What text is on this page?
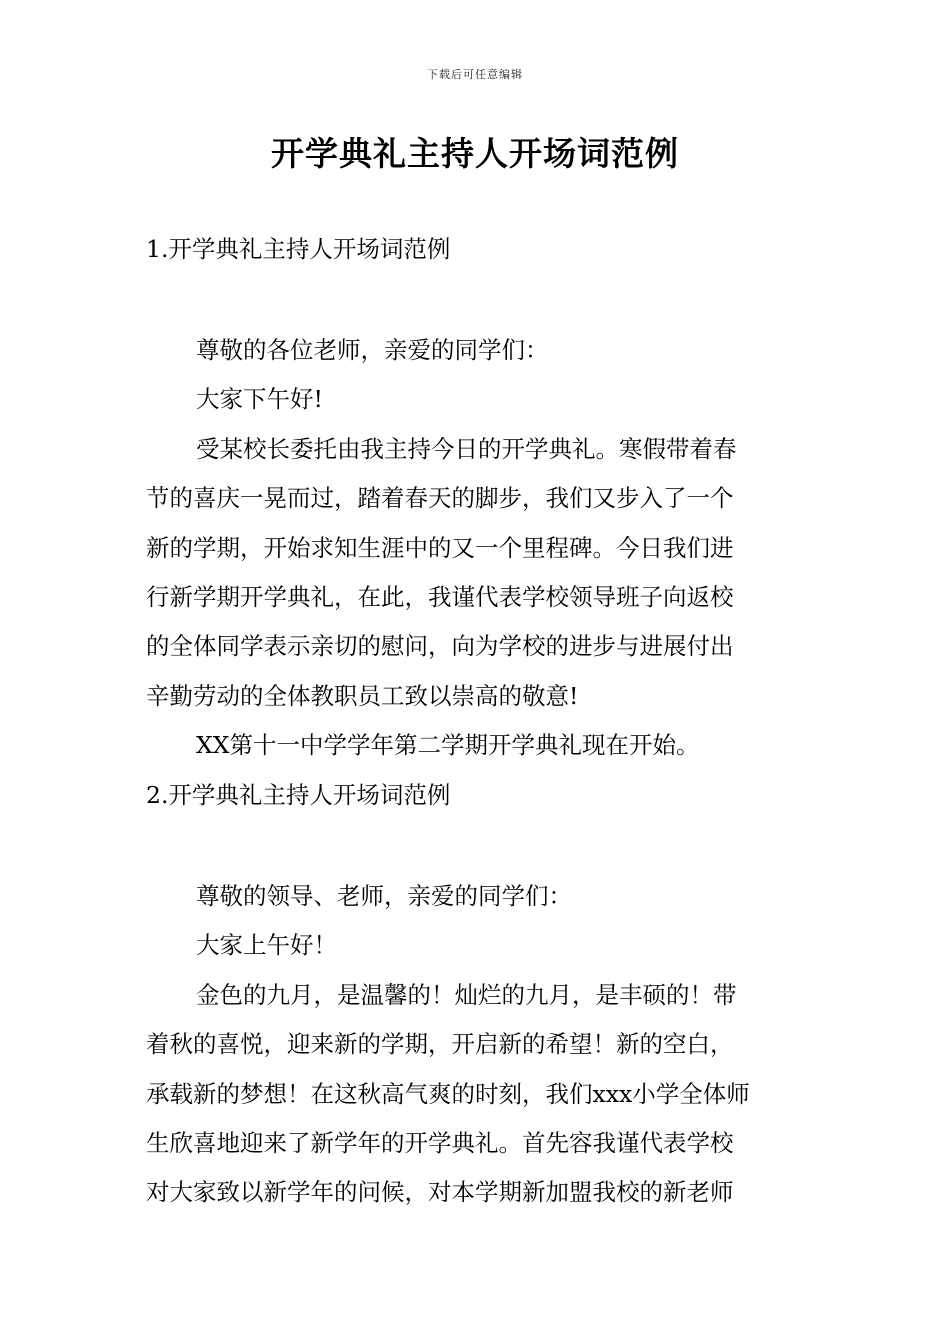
下载后可任意编辑
开学典礼主持人开场词范例
1.开学典礼主持人开场词范例
尊敬的各位老师，亲爱的同学们：
大家下午好!
受某校长委托由我主持今日的开学典礼。寒假带着春
节的喜庆一晃而过，踏着春天的脚步，我们又步入了一个
新的学期，开始求知生涯中的又一个里程碑。今日我们进
行新学期开学典礼，在此，我谨代表学校领导班子向返校
的全体同学表示亲切的慰问，向为学校的进步与进展付出
辛勤劳动的全体教职员工致以崇高的敬意!
XX第十一中学学年第二学期开学典礼现在开始。
2.开学典礼主持人开场词范例
尊敬的领导、老师，亲爱的同学们：
大家上午好！
金色的九月，是温馨的！灿烂的九月，是丰硕的！带
着秋的喜悦，迎来新的学期，开启新的希望！新的空白，
承载新的梦想！在这秋高气爽的时刻，我们xxx小学全体师
生欣喜地迎来了新学年的开学典礼。首先容我谨代表学校
对大家致以新学年的问候，对本学期新加盟我校的新老师
